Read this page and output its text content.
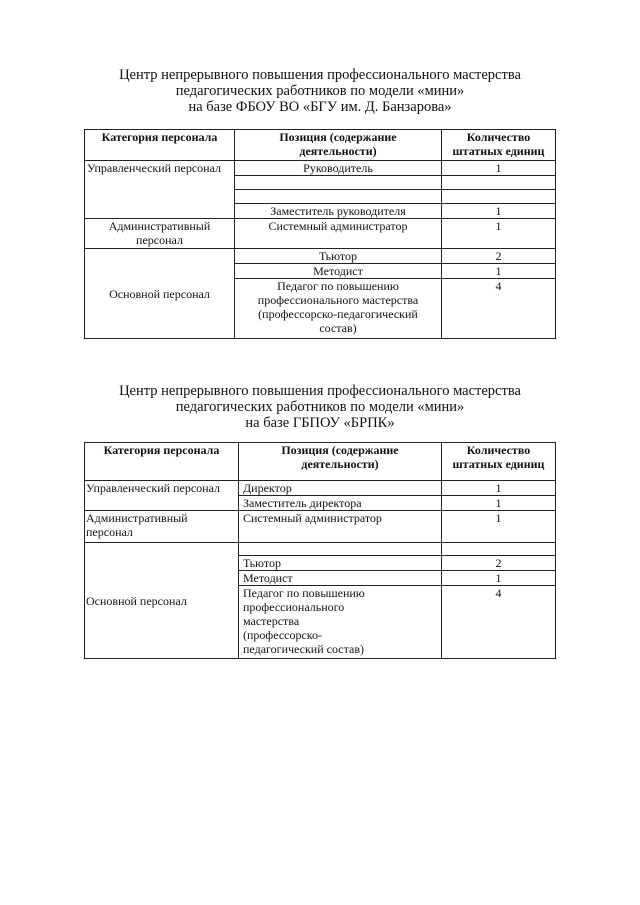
Центр непрерывного повышения профессионального мастерства
педагогических работников по модели «мини»
на базе ФБОУ ВО «БГУ им. Д. Банзарова»
Категория персонала	Позиция (содержание деятельности)	Количество штатных единиц
Управленческий персонал	Руководитель	1

	Заместитель руководителя	1
Административный персонал	Системный администратор	1
Основной персонал	Тьютор	2
	Методист	1
	Педагог по повышению профессионального мастерства (профессорско-педагогический состав)	4
Центр непрерывного повышения профессионального мастерства
педагогических работников по модели «мини»
на базе ГБПОУ «БРПК»
Категория персонала	Позиция (содержание деятельности)	Количество штатных единиц
Управленческий персонал	Директор	1
	Заместитель директора	1
Административный персонал	Системный администратор	1
Основной персонал		
	Тьютор	2
	Методист	1
	Педагог по повышению профессионального мастерства (профессорско-педагогический состав)	4
